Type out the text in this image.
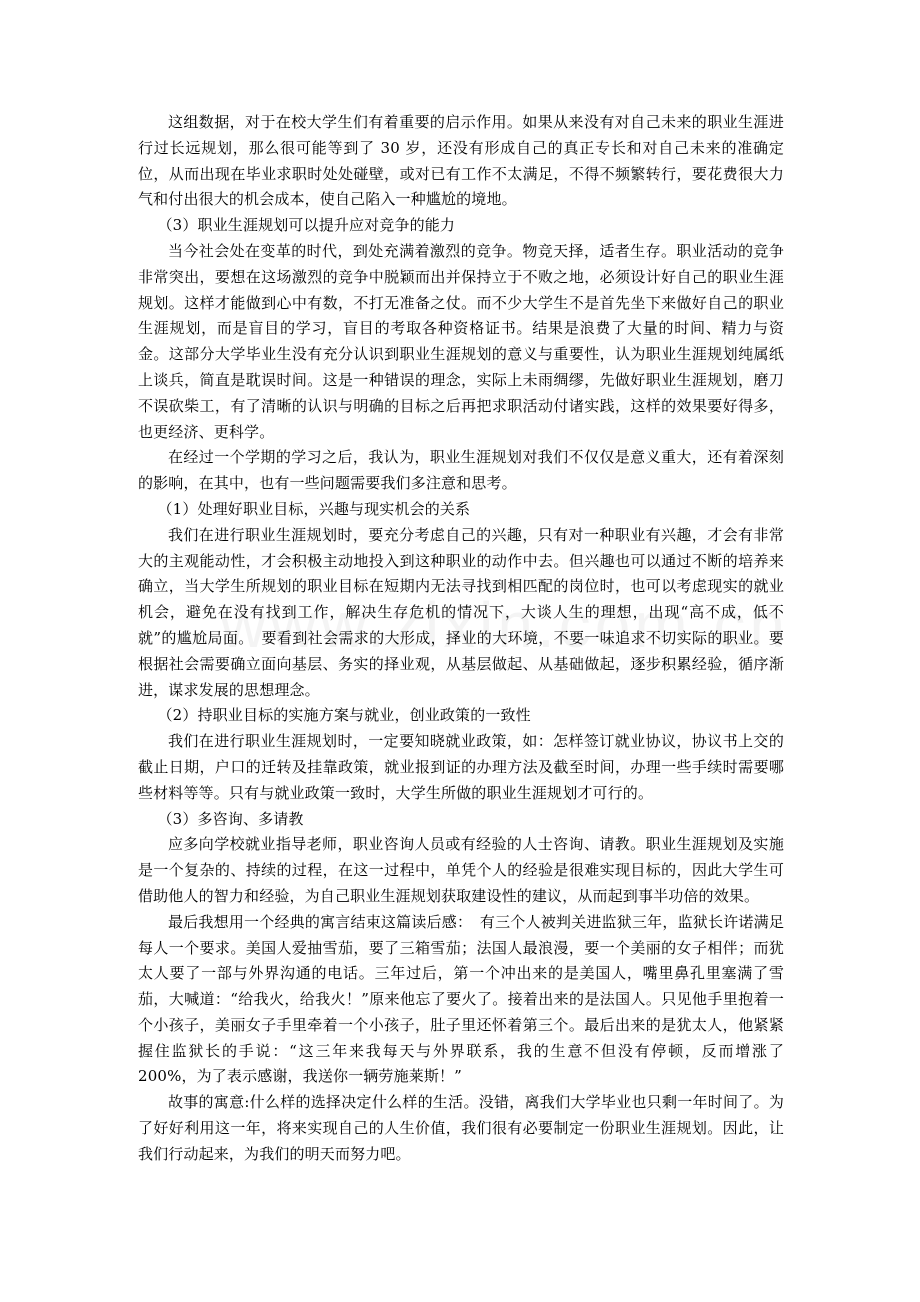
这组数据，对于在校大学生们有着重要的启示作用。如果从来没有对自己未来的职业生涯进行过长远规划，那么很可能等到了 30 岁，还没有形成自己的真正专长和对自己未来的准确定位，从而出现在毕业求职时处处碰壁，或对已有工作不太满足，不得不频繁转行，要花费很大力气和付出很大的机会成本，使自己陷入一种尴尬的境地。

（3）职业生涯规划可以提升应对竞争的能力

当今社会处在变革的时代，到处充满着激烈的竞争。物竞天择，适者生存。职业活动的竞争非常突出，要想在这场激烈的竞争中脱颖而出并保持立于不败之地，必须设计好自己的职业生涯规划。这样才能做到心中有数，不打无准备之仗。而不少大学生不是首先坐下来做好自己的职业生涯规划，而是盲目的学习，盲目的考取各种资格证书。结果是浪费了大量的时间、精力与资金。这部分大学毕业生没有充分认识到职业生涯规划的意义与重要性，认为职业生涯规划纯属纸上谈兵，简直是耽误时间。这是一种错误的理念，实际上未雨绸缪，先做好职业生涯规划，磨刀不误砍柴工，有了清晰的认识与明确的目标之后再把求职活动付诸实践，这样的效果要好得多，也更经济、更科学。

在经过一个学期的学习之后，我认为，职业生涯规划对我们不仅仅是意义重大，还有着深刻的影响，在其中，也有一些问题需要我们多注意和思考。

（1）处理好职业目标，兴趣与现实机会的关系

我们在进行职业生涯规划时，要充分考虑自己的兴趣，只有对一种职业有兴趣，才会有非常大的主观能动性，才会积极主动地投入到这种职业的动作中去。但兴趣也可以通过不断的培养来确立，当大学生所规划的职业目标在短期内无法寻找到相匹配的岗位时，也可以考虑现实的就业机会，避免在没有找到工作，解决生存危机的情况下，大谈人生的理想，出现“高不成，低不就”的尴尬局面。　要看到社会需求的大形成，择业的大环境，不要一味追求不切实际的职业。要根据社会需要确立面向基层、务实的择业观，从基层做起、从基础做起，逐步积累经验，循序渐进，谋求发展的思想理念。

（2）持职业目标的实施方案与就业，创业政策的一致性

我们在进行职业生涯规划时，一定要知晓就业政策，如：怎样签订就业协议，协议书上交的截止日期，户口的迁转及挂靠政策，就业报到证的办理方法及截至时间，办理一些手续时需要哪些材料等等。只有与就业政策一致时，大学生所做的职业生涯规划才可行的。

（3）多咨询、多请教

应多向学校就业指导老师，职业咨询人员或有经验的人士咨询、请教。职业生涯规划及实施是一个复杂的、持续的过程，在这一过程中，单凭个人的经验是很难实现目标的，因此大学生可借助他人的智力和经验，为自己职业生涯规划获取建设性的建议，从而起到事半功倍的效果。

最后我想用一个经典的寓言结束这篇读后感：　有三个人被判关进监狱三年，监狱长许诺满足每人一个要求。美国人爱抽雪茄，要了三箱雪茄；法国人最浪漫，要一个美丽的女子相伴；而犹太人要了一部与外界沟通的电话。三年过后，第一个冲出来的是美国人，嘴里鼻孔里塞满了雪茄，大喊道：“给我火，给我火！”原来他忘了要火了。接着出来的是法国人。只见他手里抱着一个小孩子，美丽女子手里牵着一个小孩子，肚子里还怀着第三个。最后出来的是犹太人，他紧紧握住监狱长的手说：“这三年来我每天与外界联系，我的生意不但没有停顿，反而增涨了 200%，为了表示感谢，我送你一辆劳施莱斯！”

故事的寓意:什么样的选择决定什么样的生活。没错，离我们大学毕业也只剩一年时间了。为了好好利用这一年，将来实现自己的人生价值，我们很有必要制定一份职业生涯规划。因此，让我们行动起来，为我们的明天而努力吧。
